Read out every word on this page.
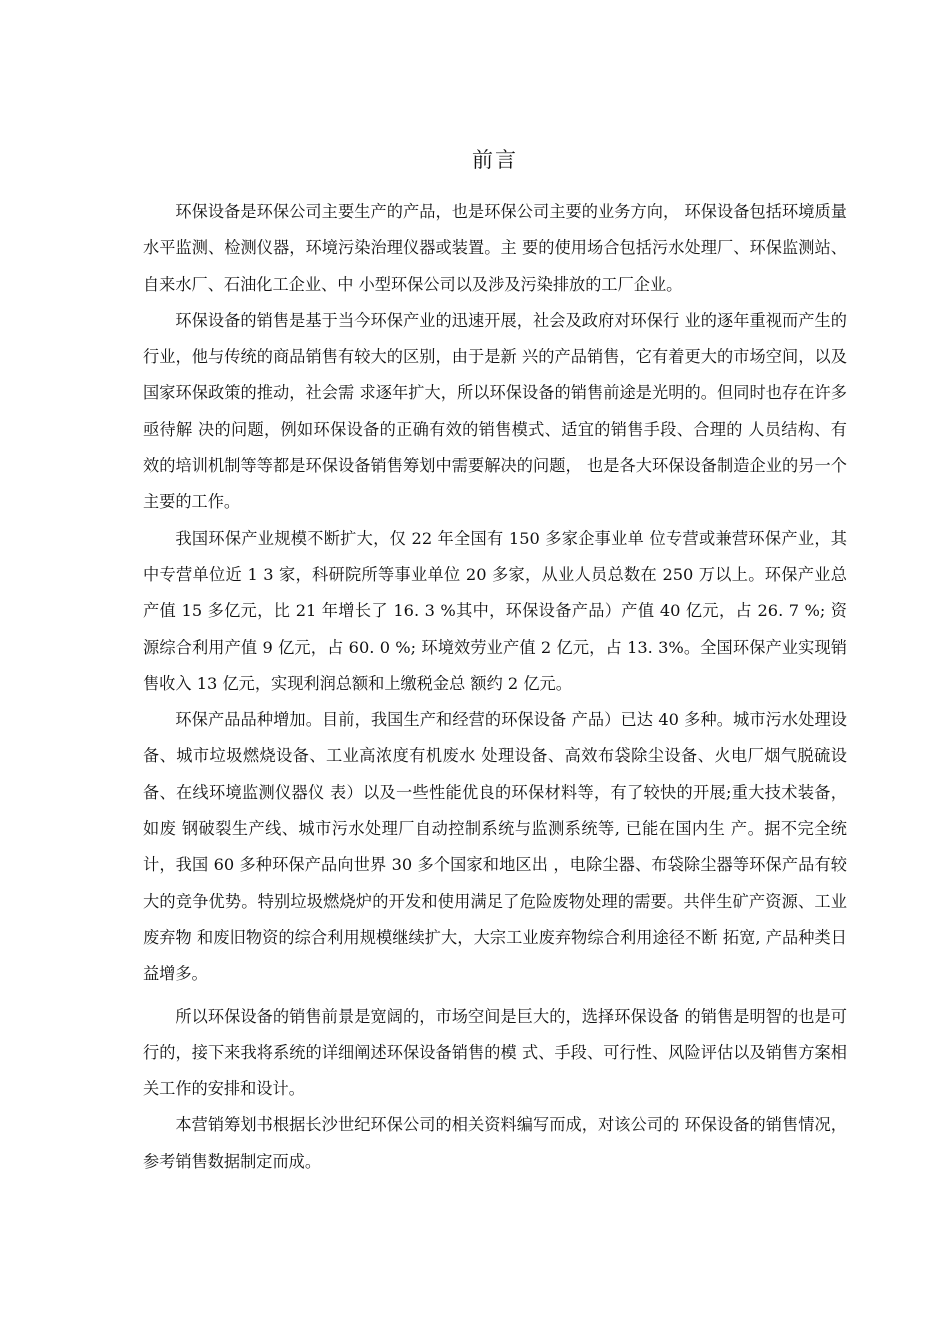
前言

环保设备是环保公司主要生产的产品，也是环保公司主要的业务方向， 环保设备包括环境质量水平监测、检测仪器，环境污染治理仪器或装置。主 要的使用场合包括污水处理厂、环保监测站、自来水厂、石油化工企业、中 小型环保公司以及涉及污染排放的工厂企业。

环保设备的销售是基于当今环保产业的迅速开展，社会及政府对环保行 业的逐年重视而产生的行业，他与传统的商品销售有较大的区别，由于是新 兴的产品销售，它有着更大的市场空间，以及国家环保政策的推动，社会需 求逐年扩大，所以环保设备的销售前途是光明的。但同时也存在许多亟待解 决的问题，例如环保设备的正确有效的销售模式、适宜的销售手段、合理的 人员结构、有效的培训机制等等都是环保设备销售筹划中需要解决的问题， 也是各大环保设备制造企业的另一个主要的工作。

我国环保产业规模不断扩大，仅 22 年全国有 150 多家企事业单 位专营或兼营环保产业，其中专营单位近 1 3 家，科研院所等事业单位 20 多家，从业人员总数在 250 万以上。环保产业总产值 15 多亿元，比 21 年增长了 16. 3 %其中，环保设备产品）产值 40 亿元，占 26. 7 %; 资源综合利用产值 9 亿元，占 60. 0 %; 环境效劳业产值 2 亿元，占 13. 3%。全国环保产业实现销售收入 13 亿元，实现利润总额和上缴税金总 额约 2 亿元。

环保产品品种增加。目前，我国生产和经营的环保设备 产品）已达 40 多种。城市污水处理设备、城市垃圾燃烧设备、工业高浓度有机废水 处理设备、高效布袋除尘设备、火电厂烟气脱硫设备、在线环境监测仪器仪 表）以及一些性能优良的环保材料等，有了较快的开展;重大技术装备，如废 钢破裂生产线、城市污水处理厂自动控制系统与监测系统等, 已能在国内生 产。据不完全统计，我国 60 多种环保产品向世界 30 多个国家和地区出 ，电除尘器、布袋除尘器等环保产品有较大的竞争优势。特别垃圾燃烧炉的开发和使用满足了危险废物处理的需要。共伴生矿产资源、工业废弃物 和废旧物资的综合利用规模继续扩大，大宗工业废弃物综合利用途径不断 拓宽, 产品种类日益增多。

所以环保设备的销售前景是宽阔的，市场空间是巨大的，选择环保设备 的销售是明智的也是可行的，接下来我将系统的详细阐述环保设备销售的模 式、手段、可行性、风险评估以及销售方案相关工作的安排和设计。

本营销筹划书根据长沙世纪环保公司的相关资料编写而成，对该公司的 环保设备的销售情况，参考销售数据制定而成。
